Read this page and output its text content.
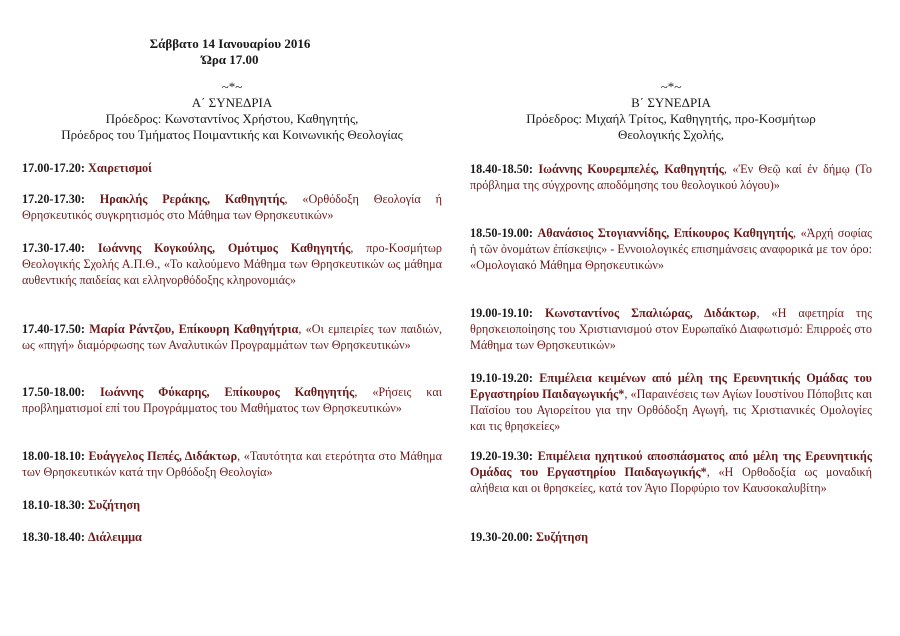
Σάββατο 14 Ιανουαρίου 2016
Ώρα 17.00
~*~
Α΄ ΣΥΝΕΔΡΙΑ
Πρόεδρος: Κωνσταντίνος Χρήστου, Καθηγητής,
Πρόεδρος του Τμήματος Ποιμαντικής και Κοινωνικής Θεολογίας
17.00-17.20: Χαιρετισμοί
17.20-17.30: Ηρακλής Ρεράκης, Καθηγητής, «Ορθόδοξη Θεολογία ή Θρησκευτικός συγκρητισμός στο Μάθημα των Θρησκευτικών»
17.30-17.40: Ιωάννης Κογκούλης, Ομότιμος Καθηγητής, προ-Κοσμήτωρ Θεολογικής Σχολής Α.Π.Θ., «Το καλούμενο Μάθημα των Θρησκευτικών ως μάθημα αυθεντικής παιδείας και ελληνορθόδοξης κληρονομιάς»
17.40-17.50: Μαρία Ράντζου, Επίκουρη Καθηγήτρια, «Οι εμπειρίες των παιδιών, ως «πηγή» διαμόρφωσης των Αναλυτικών Προγραμμάτων των Θρησκευτικών»
17.50-18.00: Ιωάννης Φύκαρης, Επίκουρος Καθηγητής, «Ρήσεις και προβληματισμοί επί του Προγράμματος του Μαθήματος των Θρησκευτικών»
18.00-18.10: Ευάγγελος Πεπές, Διδάκτωρ, «Ταυτότητα και ετερότητα στο Μάθημα των Θρησκευτικών κατά την Ορθόδοξη Θεολογία»
18.10-18.30: Συζήτηση
18.30-18.40: Διάλειμμα
~*~
Β΄ ΣΥΝΕΔΡΙΑ
Πρόεδρος: Μιχαήλ Τρίτος, Καθηγητής, προ-Κοσμήτωρ
Θεολογικής Σχολής,
18.40-18.50: Ιωάννης Κουρεμπελές, Καθηγητής, «Ἐν Θεῷ καί ἐν δήμῳ (Το πρόβλημα της σύγχρονης αποδόμησης του θεολογικού λόγου)»
18.50-19.00: Αθανάσιος Στογιαννίδης, Επίκουρος Καθηγητής, «Ἀρχή σοφίας ἡ τῶν ὀνομάτων ἐπίσκεψις» - Εννοιολογικές επισημάνσεις αναφορικά με τον όρο: «Ομολογιακό Μάθημα Θρησκευτικών»
19.00-19.10: Κωνσταντίνος Σπαλιώρας, Διδάκτωρ, «Η αφετηρία της θρησκειοποίησης του Χριστιανισμού στον Ευρωπαϊκό Διαφωτισμό: Επιρροές στο Μάθημα των Θρησκευτικών»
19.10-19.20: Επιμέλεια κειμένων από μέλη της Ερευνητικής Ομάδας του Εργαστηρίου Παιδαγωγικής*, «Παραινέσεις των Αγίων Ιουστίνου Πόποβιτς και Παϊσίου του Αγιορείτου για την Ορθόδοξη Αγωγή, τις Χριστιανικές Ομολογίες και τις θρησκείες»
19.20-19.30: Επιμέλεια ηχητικού αποσπάσματος από μέλη της Ερευνητικής Ομάδας του Εργαστηρίου Παιδαγωγικής*, «Η Ορθοδοξία ως μοναδική αλήθεια και οι θρησκείες, κατά τον Άγιο Πορφύριο τον Καυσοκαλυβίτη»
19.30-20.00: Συζήτηση
